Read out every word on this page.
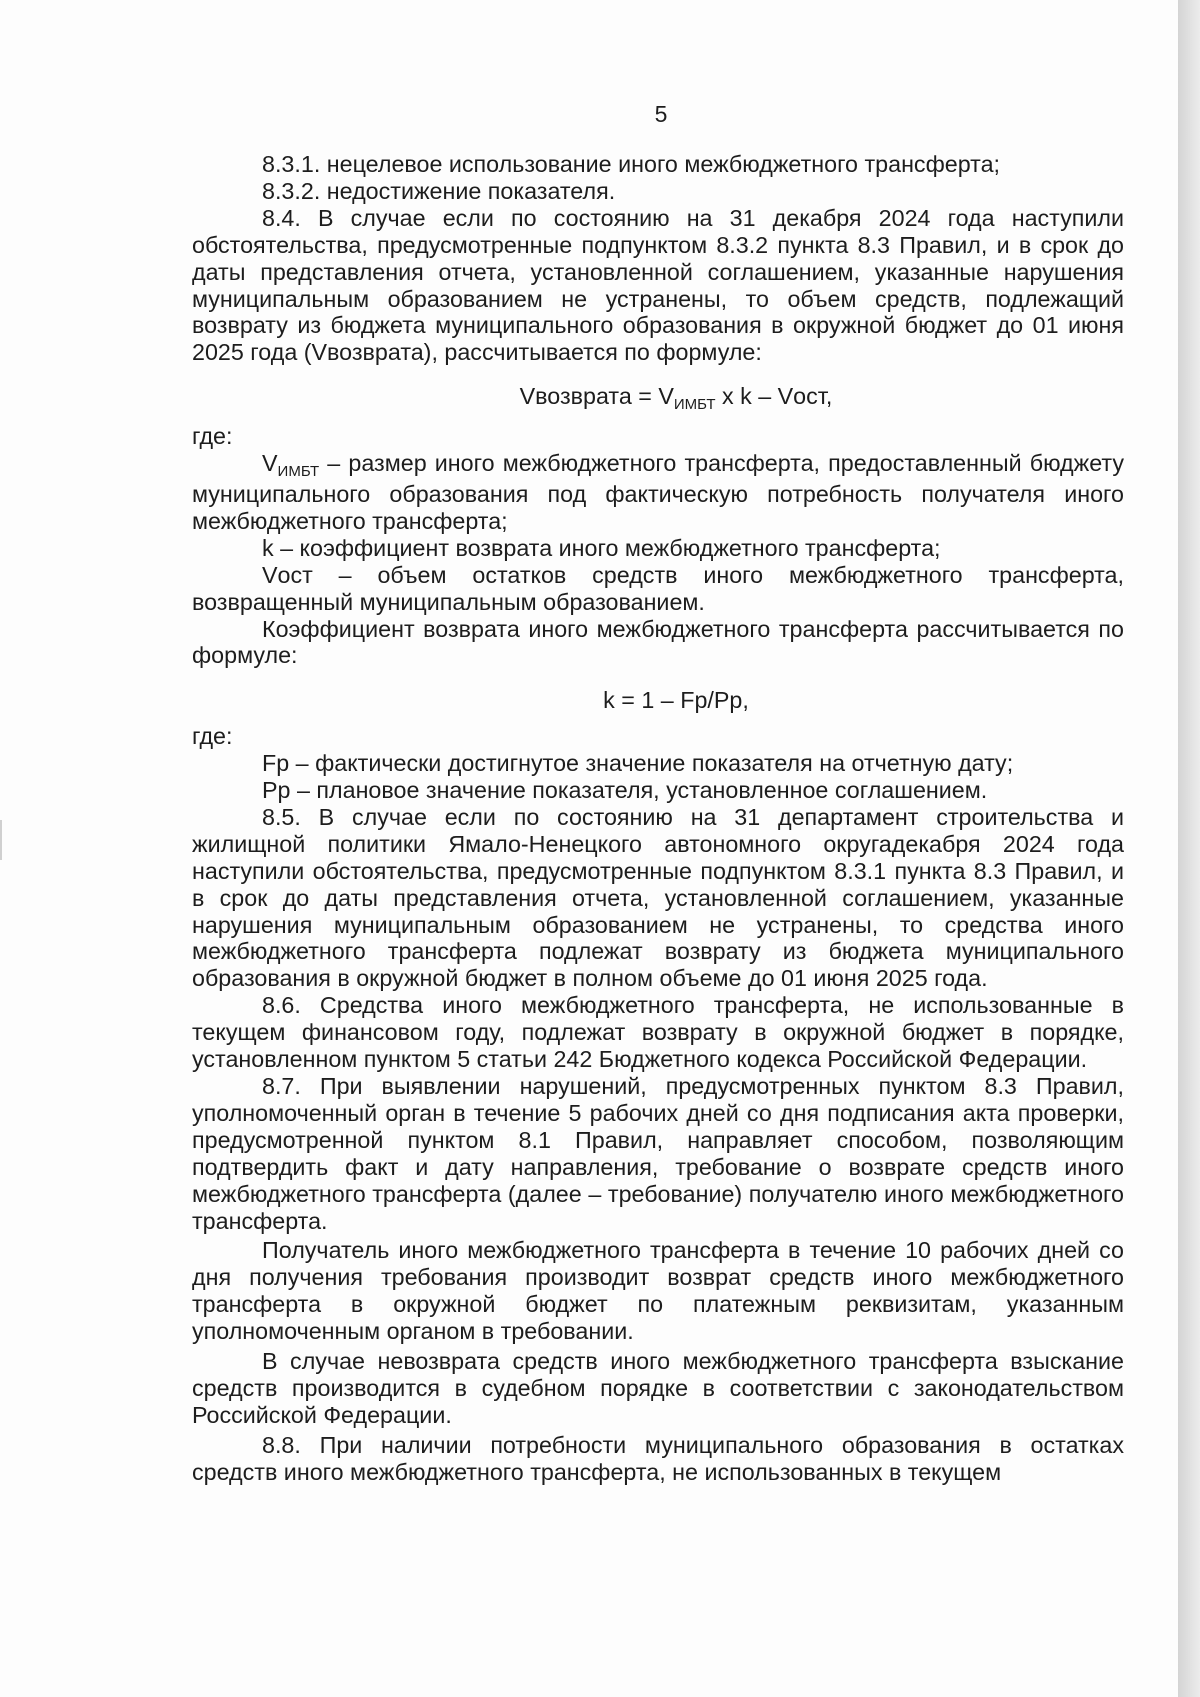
5

8.3.1. нецелевое использование иного межбюджетного трансферта;

8.3.2. недостижение показателя.

8.4. В случае если по состоянию на 31 декабря 2024 года наступили обстоятельства, предусмотренные подпунктом 8.3.2 пункта 8.3 Правил, и в срок до даты представления отчета, установленной соглашением, указанные нарушения муниципальным образованием не устранены, то объем средств, подлежащий возврату из бюджета муниципального образования в окружной бюджет до 01 июня 2025 года (Vвозврата), рассчитывается по формуле:

Vвозврата = $V_{ИМБТ}$ x k – Vост,

где:

$V_{ИМБТ}$ – размер иного межбюджетного трансферта, предоставленный бюджету муниципального образования под фактическую потребность получателя иного межбюджетного трансферта;

k – коэффициент возврата иного межбюджетного трансферта;

Vост – объем остатков средств иного межбюджетного трансферта, возвращенный муниципальным образованием.

Коэффициент возврата иного межбюджетного трансферта рассчитывается по формуле:

k = 1 – Fp/Pp,

где:

Fp – фактически достигнутое значение показателя на отчетную дату;

Pp – плановое значение показателя, установленное соглашением.

8.5. В случае если по состоянию на 31 департамент строительства и жилищной политики Ямало-Ненецкого автономного округадекабря 2024 года наступили обстоятельства, предусмотренные подпунктом 8.3.1 пункта 8.3 Правил, и в срок до даты представления отчета, установленной соглашением, указанные нарушения муниципальным образованием не устранены, то средства иного межбюджетного трансферта подлежат возврату из бюджета муниципального образования в окружной бюджет в полном объеме до 01 июня 2025 года.

8.6. Средства иного межбюджетного трансферта, не использованные в текущем финансовом году, подлежат возврату в окружной бюджет в порядке, установленном пунктом 5 статьи 242 Бюджетного кодекса Российской Федерации.

8.7. При выявлении нарушений, предусмотренных пунктом 8.3 Правил, уполномоченный орган в течение 5 рабочих дней со дня подписания акта проверки, предусмотренной пунктом 8.1 Правил, направляет способом, позволяющим подтвердить факт и дату направления, требование о возврате средств иного межбюджетного трансферта (далее – требование) получателю иного межбюджетного трансферта.

Получатель иного межбюджетного трансферта в течение 10 рабочих дней со дня получения требования производит возврат средств иного межбюджетного трансферта в окружной бюджет по платежным реквизитам, указанным уполномоченным органом в требовании.

В случае невозврата средств иного межбюджетного трансферта взыскание средств производится в судебном порядке в соответствии с законодательством Российской Федерации.

8.8. При наличии потребности муниципального образования в остатках средств иного межбюджетного трансферта, не использованных в текущем
